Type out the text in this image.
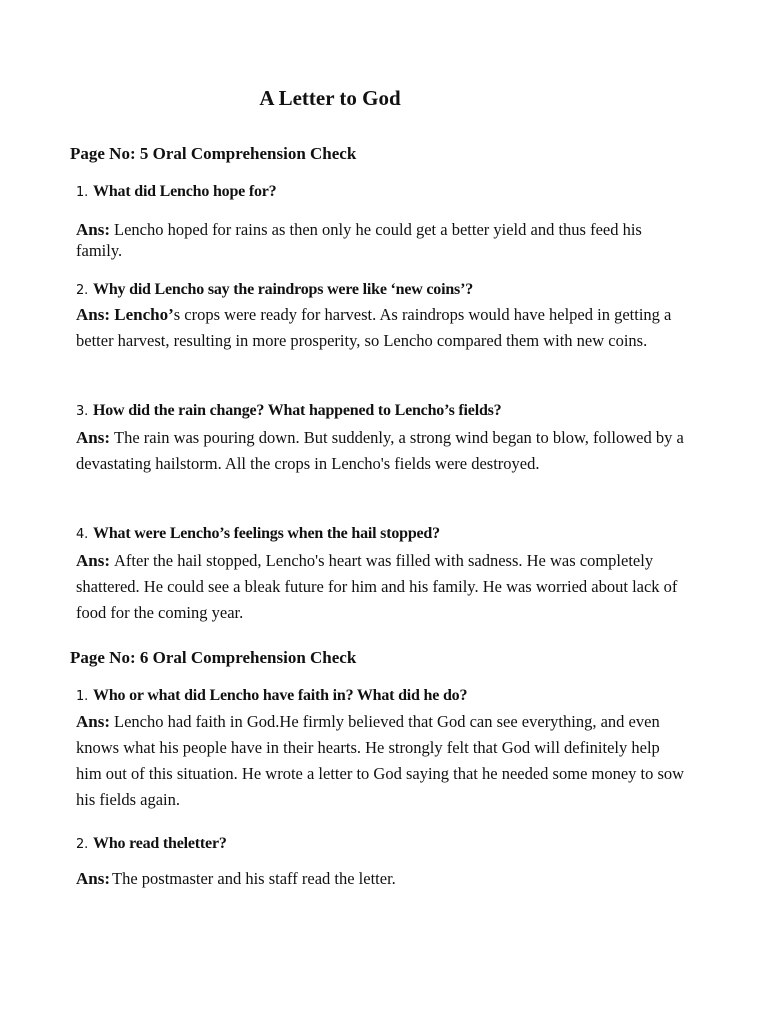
A Letter to God
Page No: 5 Oral Comprehension Check
1. What did Lencho hope for?
Ans: Lencho hoped for rains as then only he could get a better yield and thus feed his family.
2. Why did Lencho say the raindrops were like ‘new coins’?
Ans: Lencho’s crops were ready for harvest. As raindrops would have helped in getting a better harvest, resulting in more prosperity, so Lencho compared them with new coins.
3. How did the rain change? What happened to Lencho’s fields?
Ans: The rain was pouring down. But suddenly, a strong wind began to blow, followed by a devastating hailstorm. All the crops in Lencho's fields were destroyed.
4. What were Lencho’s feelings when the hail stopped?
Ans: After the hail stopped, Lencho's heart was filled with sadness. He was completely shattered. He could see a bleak future for him and his family. He was worried about lack of food for the coming year.
Page No: 6 Oral Comprehension Check
1. Who or what did Lencho have faith in? What did he do?
Ans: Lencho had faith in God.He firmly believed that God can see everything, and even knows what his people have in their hearts. He strongly felt that God will definitely help him out of this situation. He wrote a letter to God saying that he needed some money to sow his fields again.
2. Who read theletter?
Ans: The postmaster and his staff read the letter.
